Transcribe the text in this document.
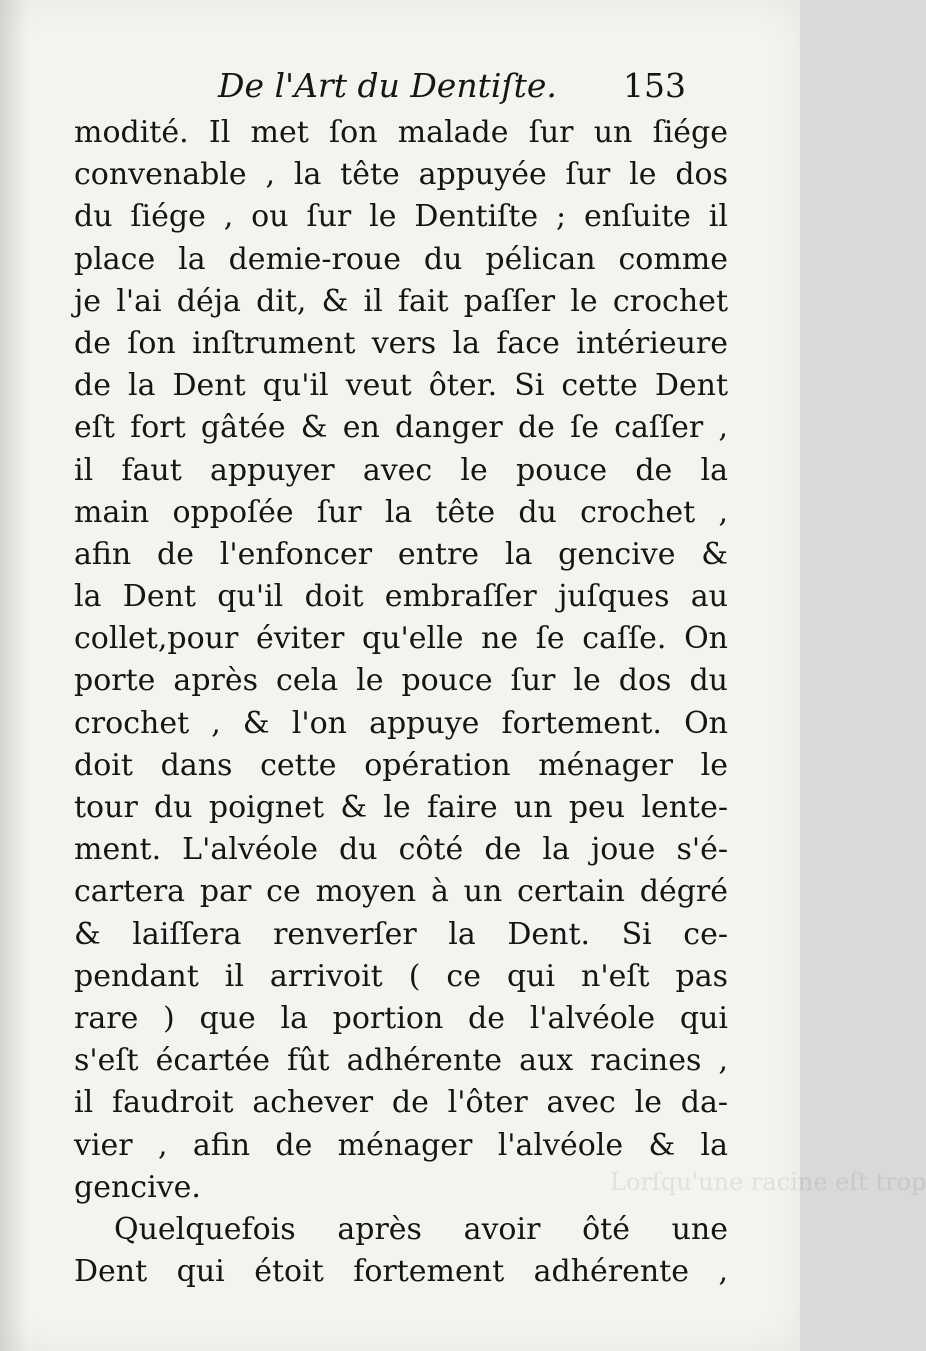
De l'Art du Dentiſte. 153
modité. Il met ſon malade ſur un ſiége
convenable , la tête appuyée ſur le dos
du ſiége , ou ſur le Dentiſte ; enſuite il
place la demie-roue du pélican comme
je l'ai déja dit, & il fait paſſer le crochet
de ſon inſtrument vers la face intérieure
de la Dent qu'il veut ôter. Si cette Dent
eſt fort gâtée & en danger de ſe caſſer ,
il faut appuyer avec le pouce de la
main oppoſée ſur la tête du crochet ,
afin de l'enfoncer entre la gencive &
la Dent qu'il doit embraſſer juſques au
collet,pour éviter qu'elle ne ſe caſſe. On
porte après cela le pouce ſur le dos du
crochet , & l'on appuye fortement. On
doit dans cette opération ménager le
tour du poignet & le faire un peu lente-
ment. L'alvéole du côté de la joue s'é-
cartera par ce moyen à un certain dégré
& laiſſera renverſer la Dent. Si ce-
pendant il arrivoit ( ce qui n'eſt pas
rare ) que la portion de l'alvéole qui
s'eſt écartée fût adhérente aux racines ,
il faudroit achever de l'ôter avec le da-
vier , afin de ménager l'alvéole & la
gencive.
Quelquefois après avoir ôté une
Dent qui étoit fortement adhérente ,
Lorſqu'une racine eſt trop
